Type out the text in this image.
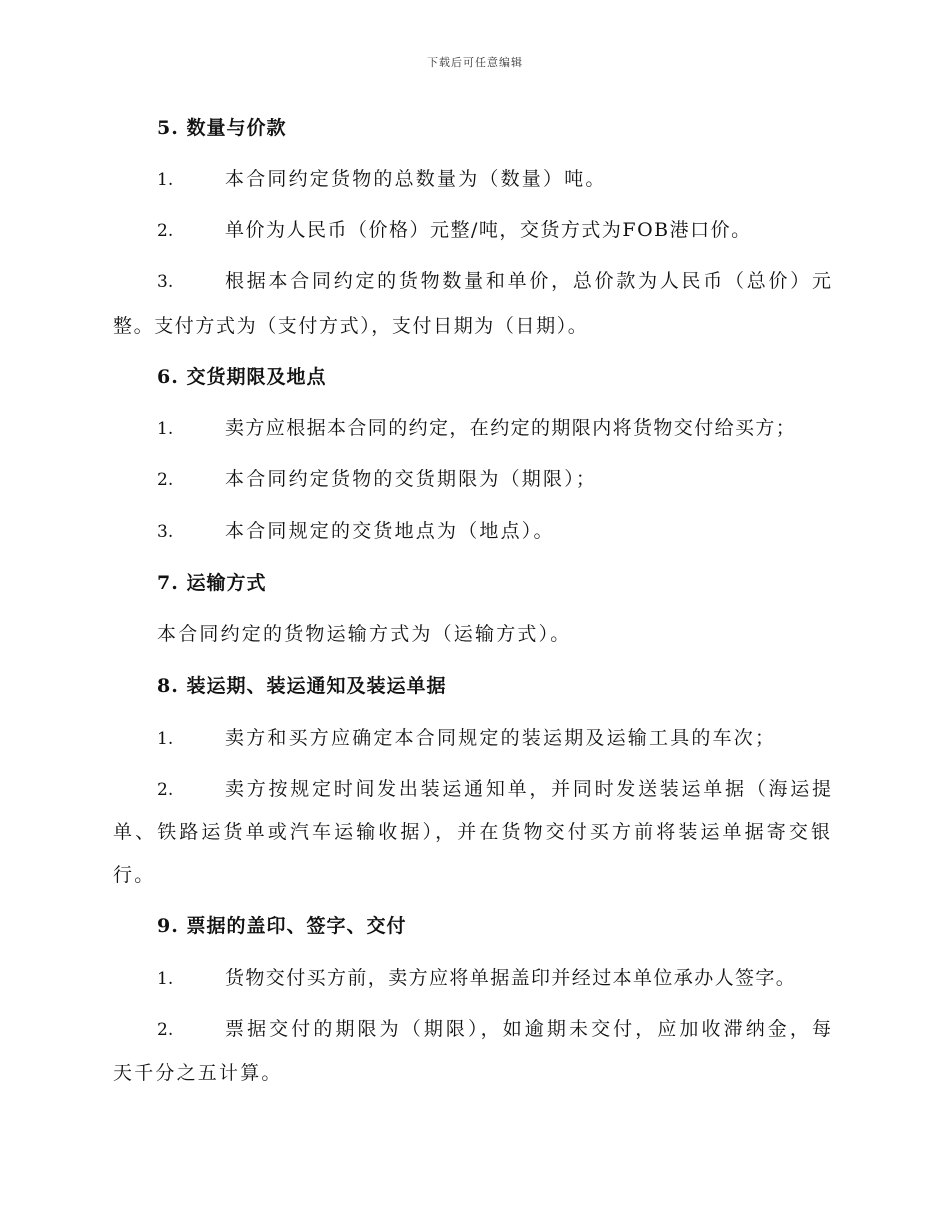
下载后可任意编辑
5. 数量与价款
1.	本合同约定货物的总数量为（数量）吨。
2.	单价为人民币（价格）元整/吨，交货方式为FOB港口价。
3.	根据本合同约定的货物数量和单价，总价款为人民币（总价）元
整。支付方式为（支付方式），支付日期为（日期）。
6. 交货期限及地点
1.	卖方应根据本合同的约定，在约定的期限内将货物交付给买方；
2.	本合同约定货物的交货期限为（期限）；
3.	本合同规定的交货地点为（地点）。
7. 运输方式
本合同约定的货物运输方式为（运输方式）。
8. 装运期、装运通知及装运单据
1.	卖方和买方应确定本合同规定的装运期及运输工具的车次；
2.	卖方按规定时间发出装运通知单，并同时发送装运单据（海运提
单、铁路运货单或汽车运输收据），并在货物交付买方前将装运单据寄交银
行。
9. 票据的盖印、签字、交付
1.	货物交付买方前，卖方应将单据盖印并经过本单位承办人签字。
2.	票据交付的期限为（期限），如逾期未交付，应加收滞纳金，每
天千分之五计算。
